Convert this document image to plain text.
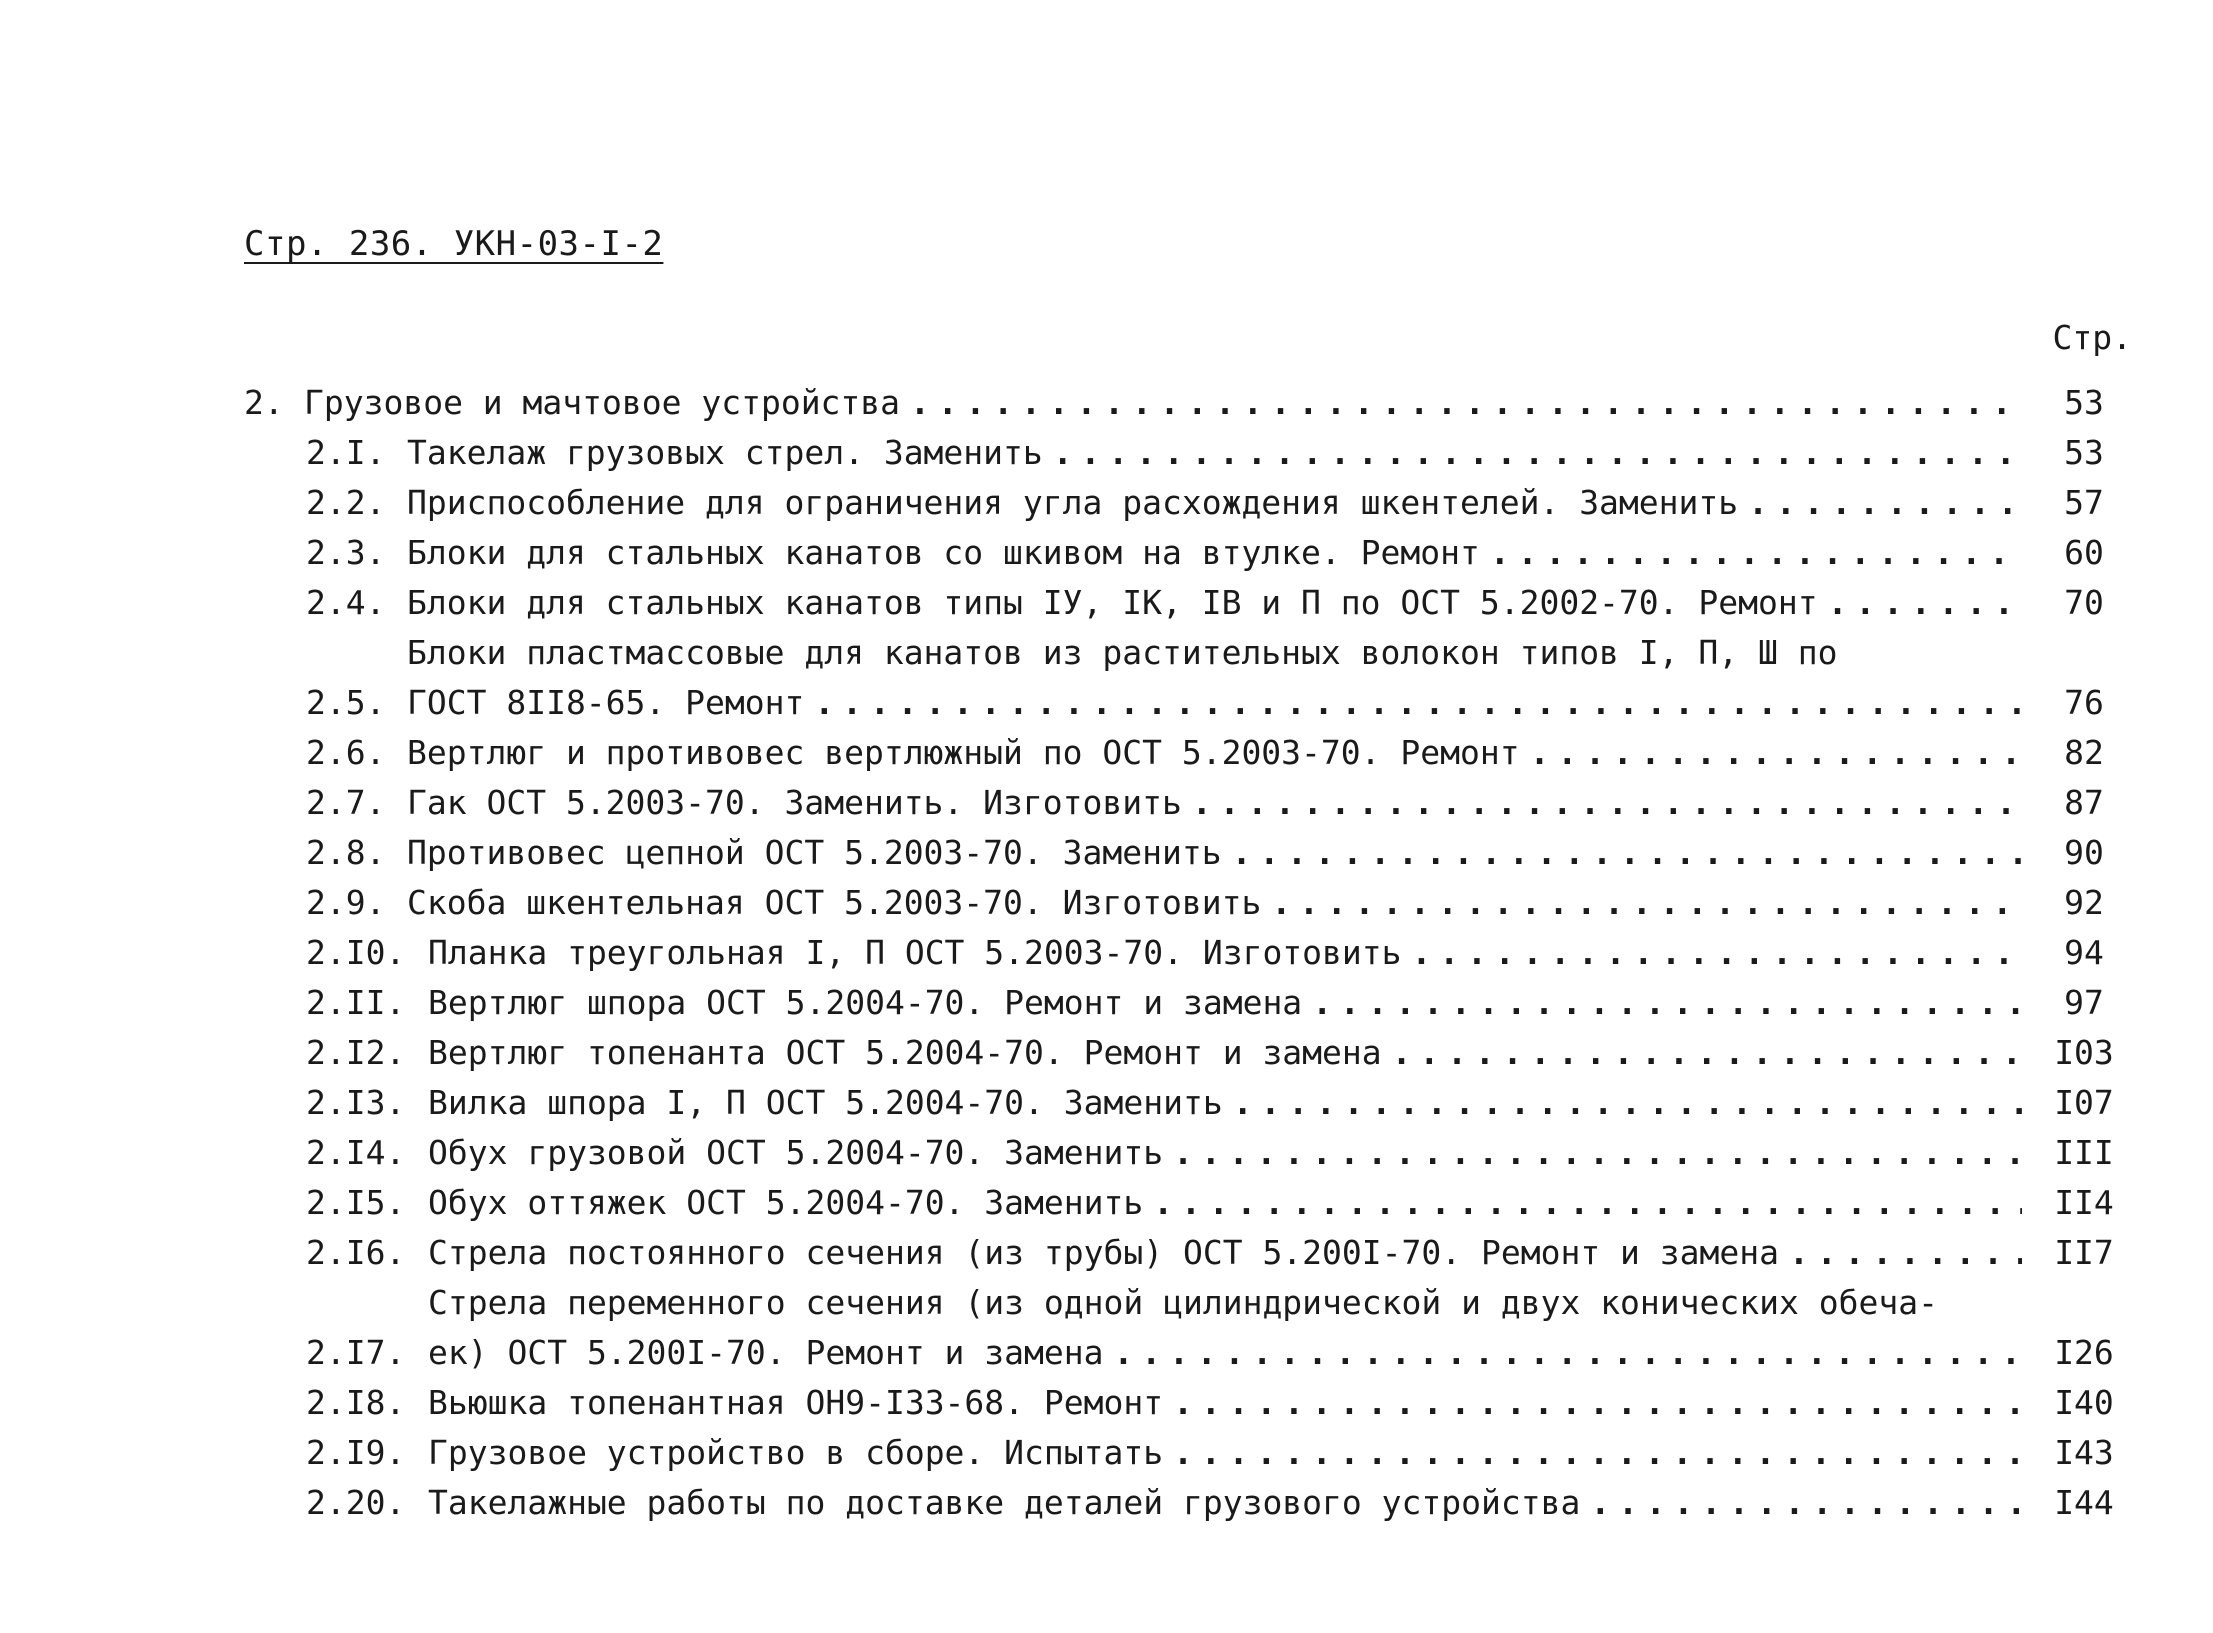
Стр. 236. УКН-03-I-2
Стр.
2. Грузовое и мачтовое устройства . . .	53
2.I. Такелаж грузовых стрел. Заменить . . .	53
2.2. Приспособление для ограничения угла расхождения шкентелей. Заменить . . .	57
2.3. Блоки для стальных канатов со шкивом на втулке. Ремонт . . .	60
2.4. Блоки для стальных канатов типы IУ, IК, IВ и П по ОСТ 5.2002-70. Ремонт . . .	70
2.5.
Блоки пластмассовые для канатов из растительных волокон типов I, П, Ш по
ГОСТ 8II8-65. Ремонт . . .	76
2.6. Вертлюг и противовес вертлюжный по ОСТ 5.2003-70. Ремонт . . .	82
2.7. Гак ОСТ 5.2003-70. Заменить. Изготовить . . .	87
2.8. Противовес цепной ОСТ 5.2003-70. Заменить . . .	90
2.9. Скоба шкентельная ОСТ 5.2003-70. Изготовить . . .	92
2.I0. Планка треугольная I, П ОСТ 5.2003-70. Изготовить . . .	94
2.II. Вертлюг шпора ОСТ 5.2004-70. Ремонт и замена . . .	97
2.I2. Вертлюг топенанта ОСТ 5.2004-70. Ремонт и замена . . .	I03
2.I3. Вилка шпора I, П ОСТ 5.2004-70. Заменить . . .	I07
2.I4. Обух грузовой ОСТ 5.2004-70. Заменить . . .	III
2.I5. Обух оттяжек ОСТ 5.2004-70. Заменить . . .	II4
2.I6. Стрела постоянного сечения (из трубы) ОСТ 5.200I-70. Ремонт и замена . . .	II7
2.I7.
Стрела переменного сечения (из одной цилиндрической и двух конических обеча-
ек) ОСТ 5.200I-70. Ремонт и замена . . .	I26
2.I8. Вьюшка топенантная ОН9-I33-68. Ремонт . . .	I40
2.I9. Грузовое устройство в сборе. Испытать . . .	I43
2.20. Такелажные работы по доставке деталей грузового устройства . . .	I44
